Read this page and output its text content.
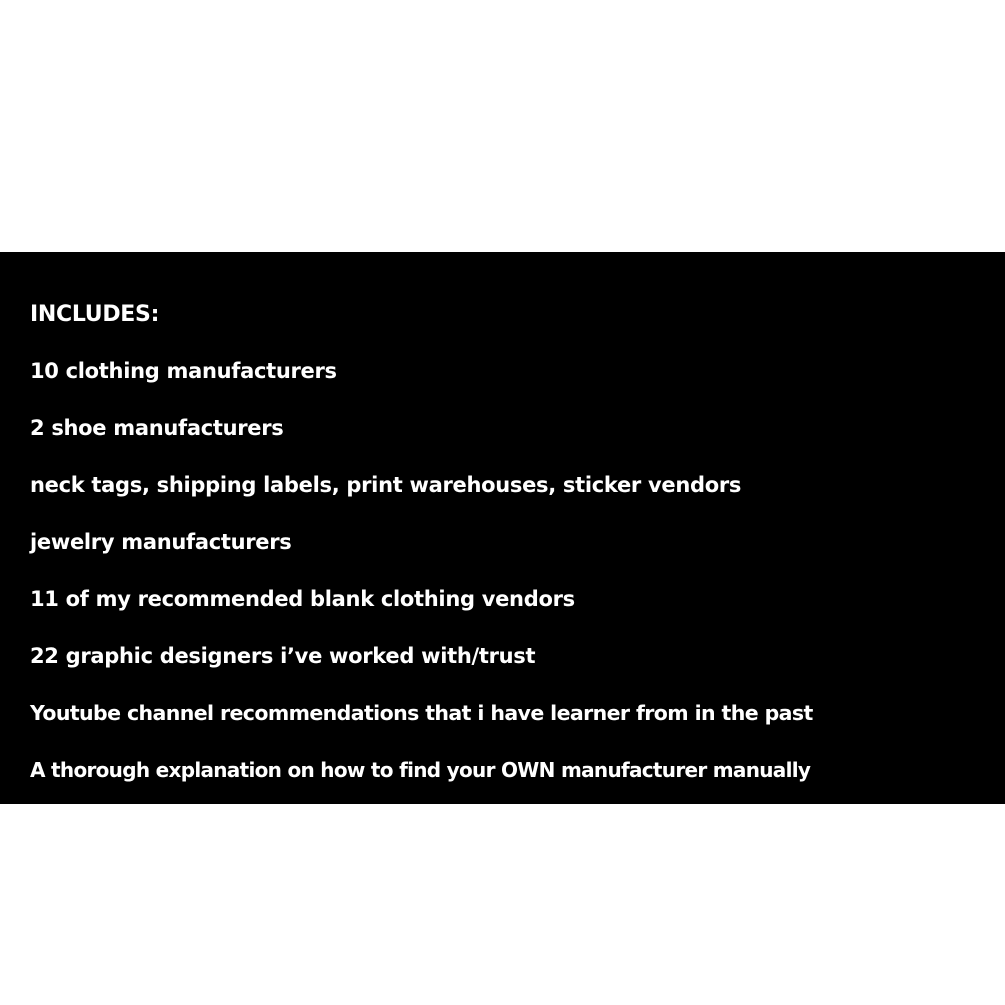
INCLUDES:
10 clothing manufacturers
2 shoe manufacturers
neck tags, shipping labels, print warehouses, sticker vendors
jewelry manufacturers
11 of my recommended blank clothing vendors
22 graphic designers i’ve worked with/trust
Youtube channel recommendations that i have learner from in the past
A thorough explanation on how to find your OWN manufacturer manually
